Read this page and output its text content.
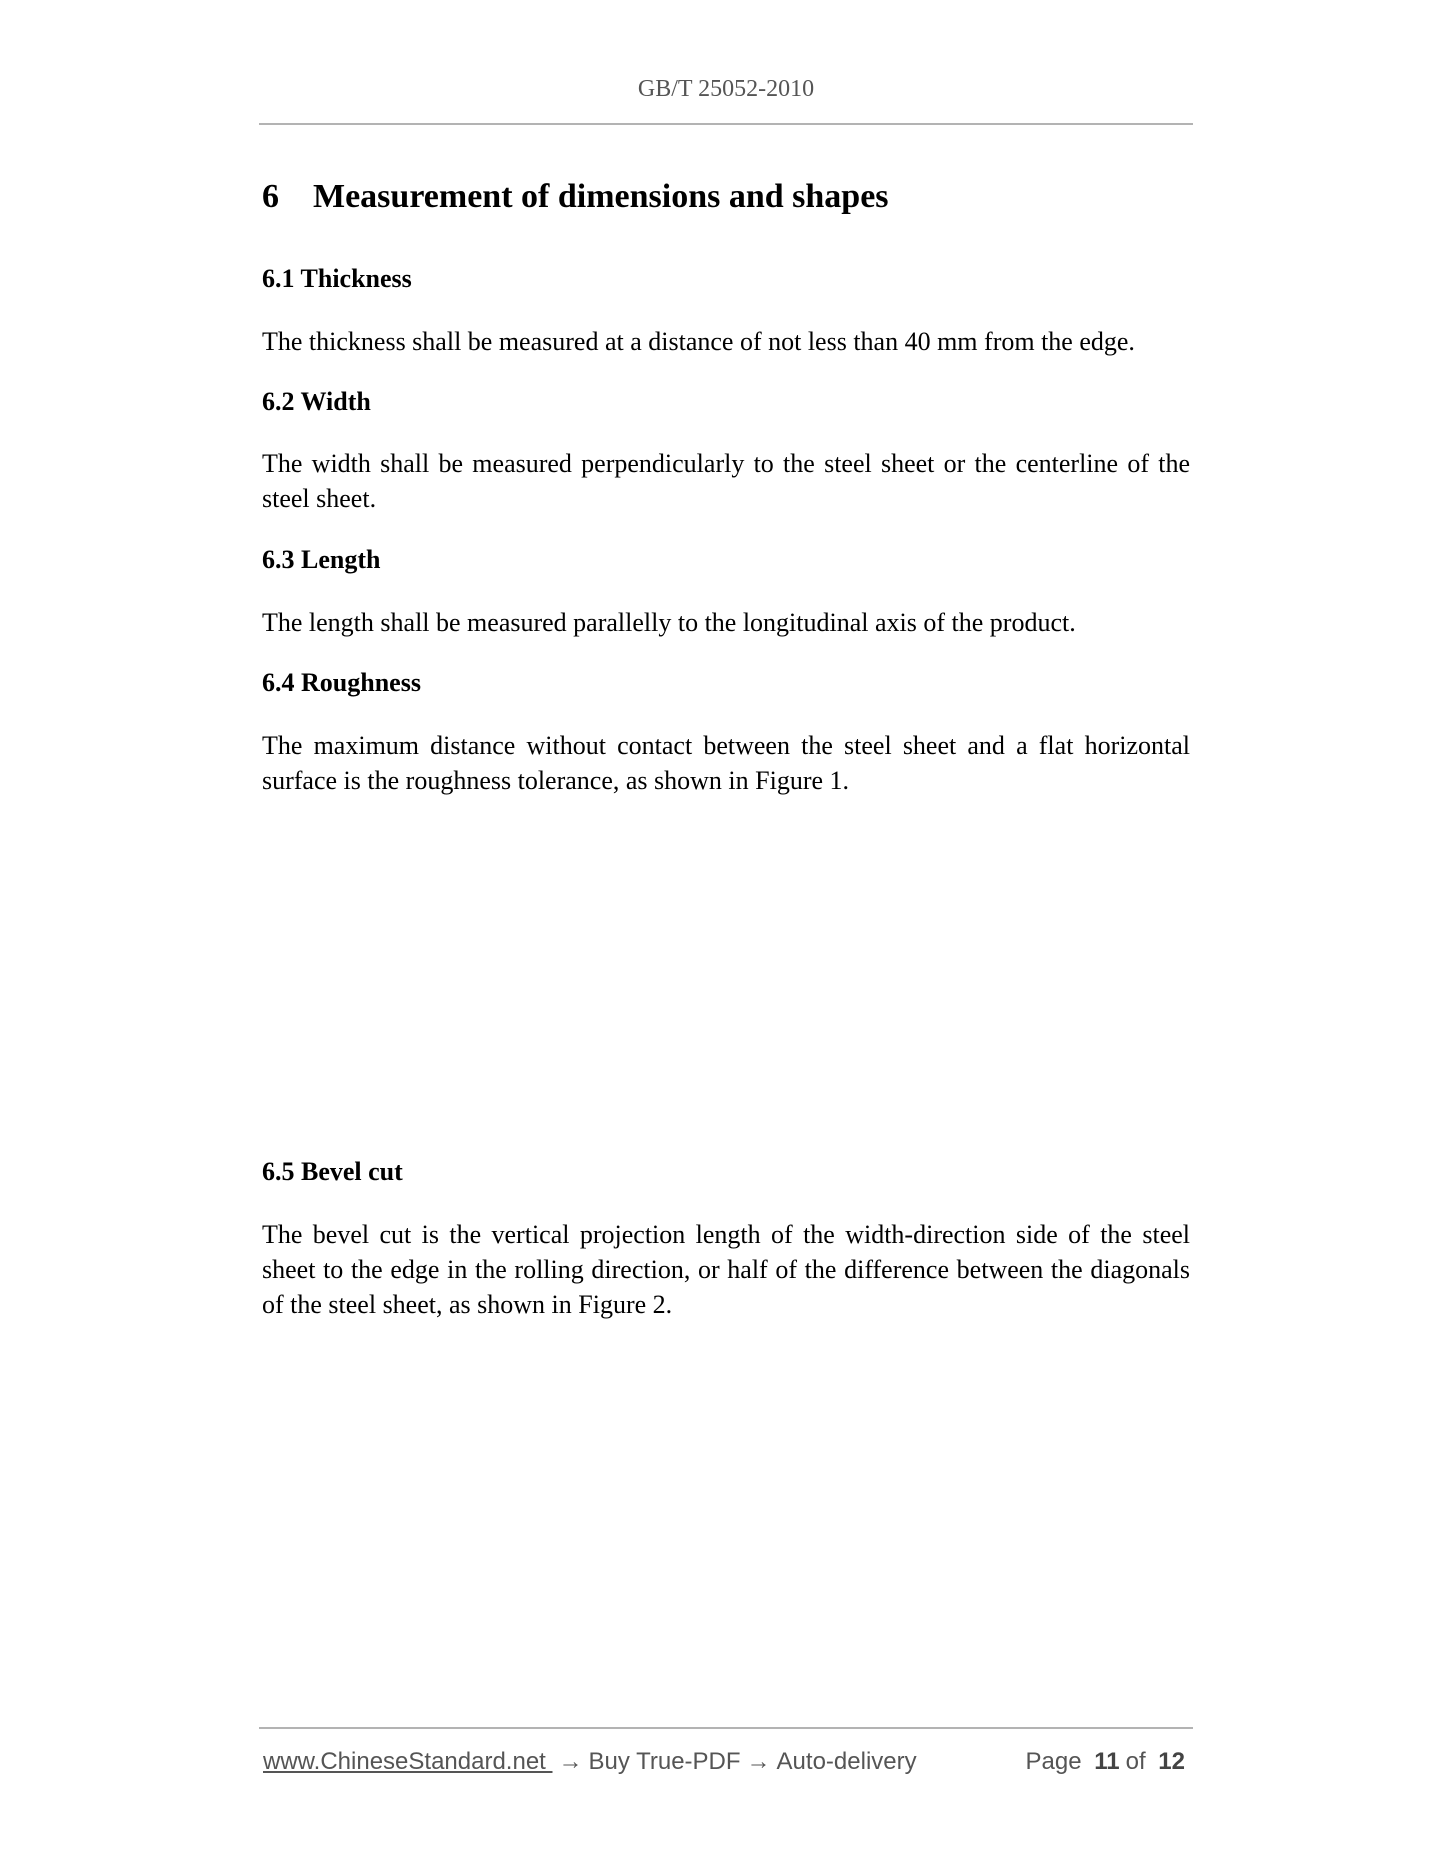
GB/T 25052-2010
6 Measurement of dimensions and shapes
6.1 Thickness
The thickness shall be measured at a distance of not less than 40 mm from the edge.
6.2 Width
The width shall be measured perpendicularly to the steel sheet or the centerline of the steel sheet.
6.3 Length
The length shall be measured parallelly to the longitudinal axis of the product.
6.4 Roughness
The maximum distance without contact between the steel sheet and a flat horizontal surface is the roughness tolerance, as shown in Figure 1.
6.5 Bevel cut
The bevel cut is the vertical projection length of the width-direction side of the steel sheet to the edge in the rolling direction, or half of the difference between the diagonals of the steel sheet, as shown in Figure 2.
www.ChineseStandard.net → Buy True-PDF → Auto-delivery	Page 11 of 12
